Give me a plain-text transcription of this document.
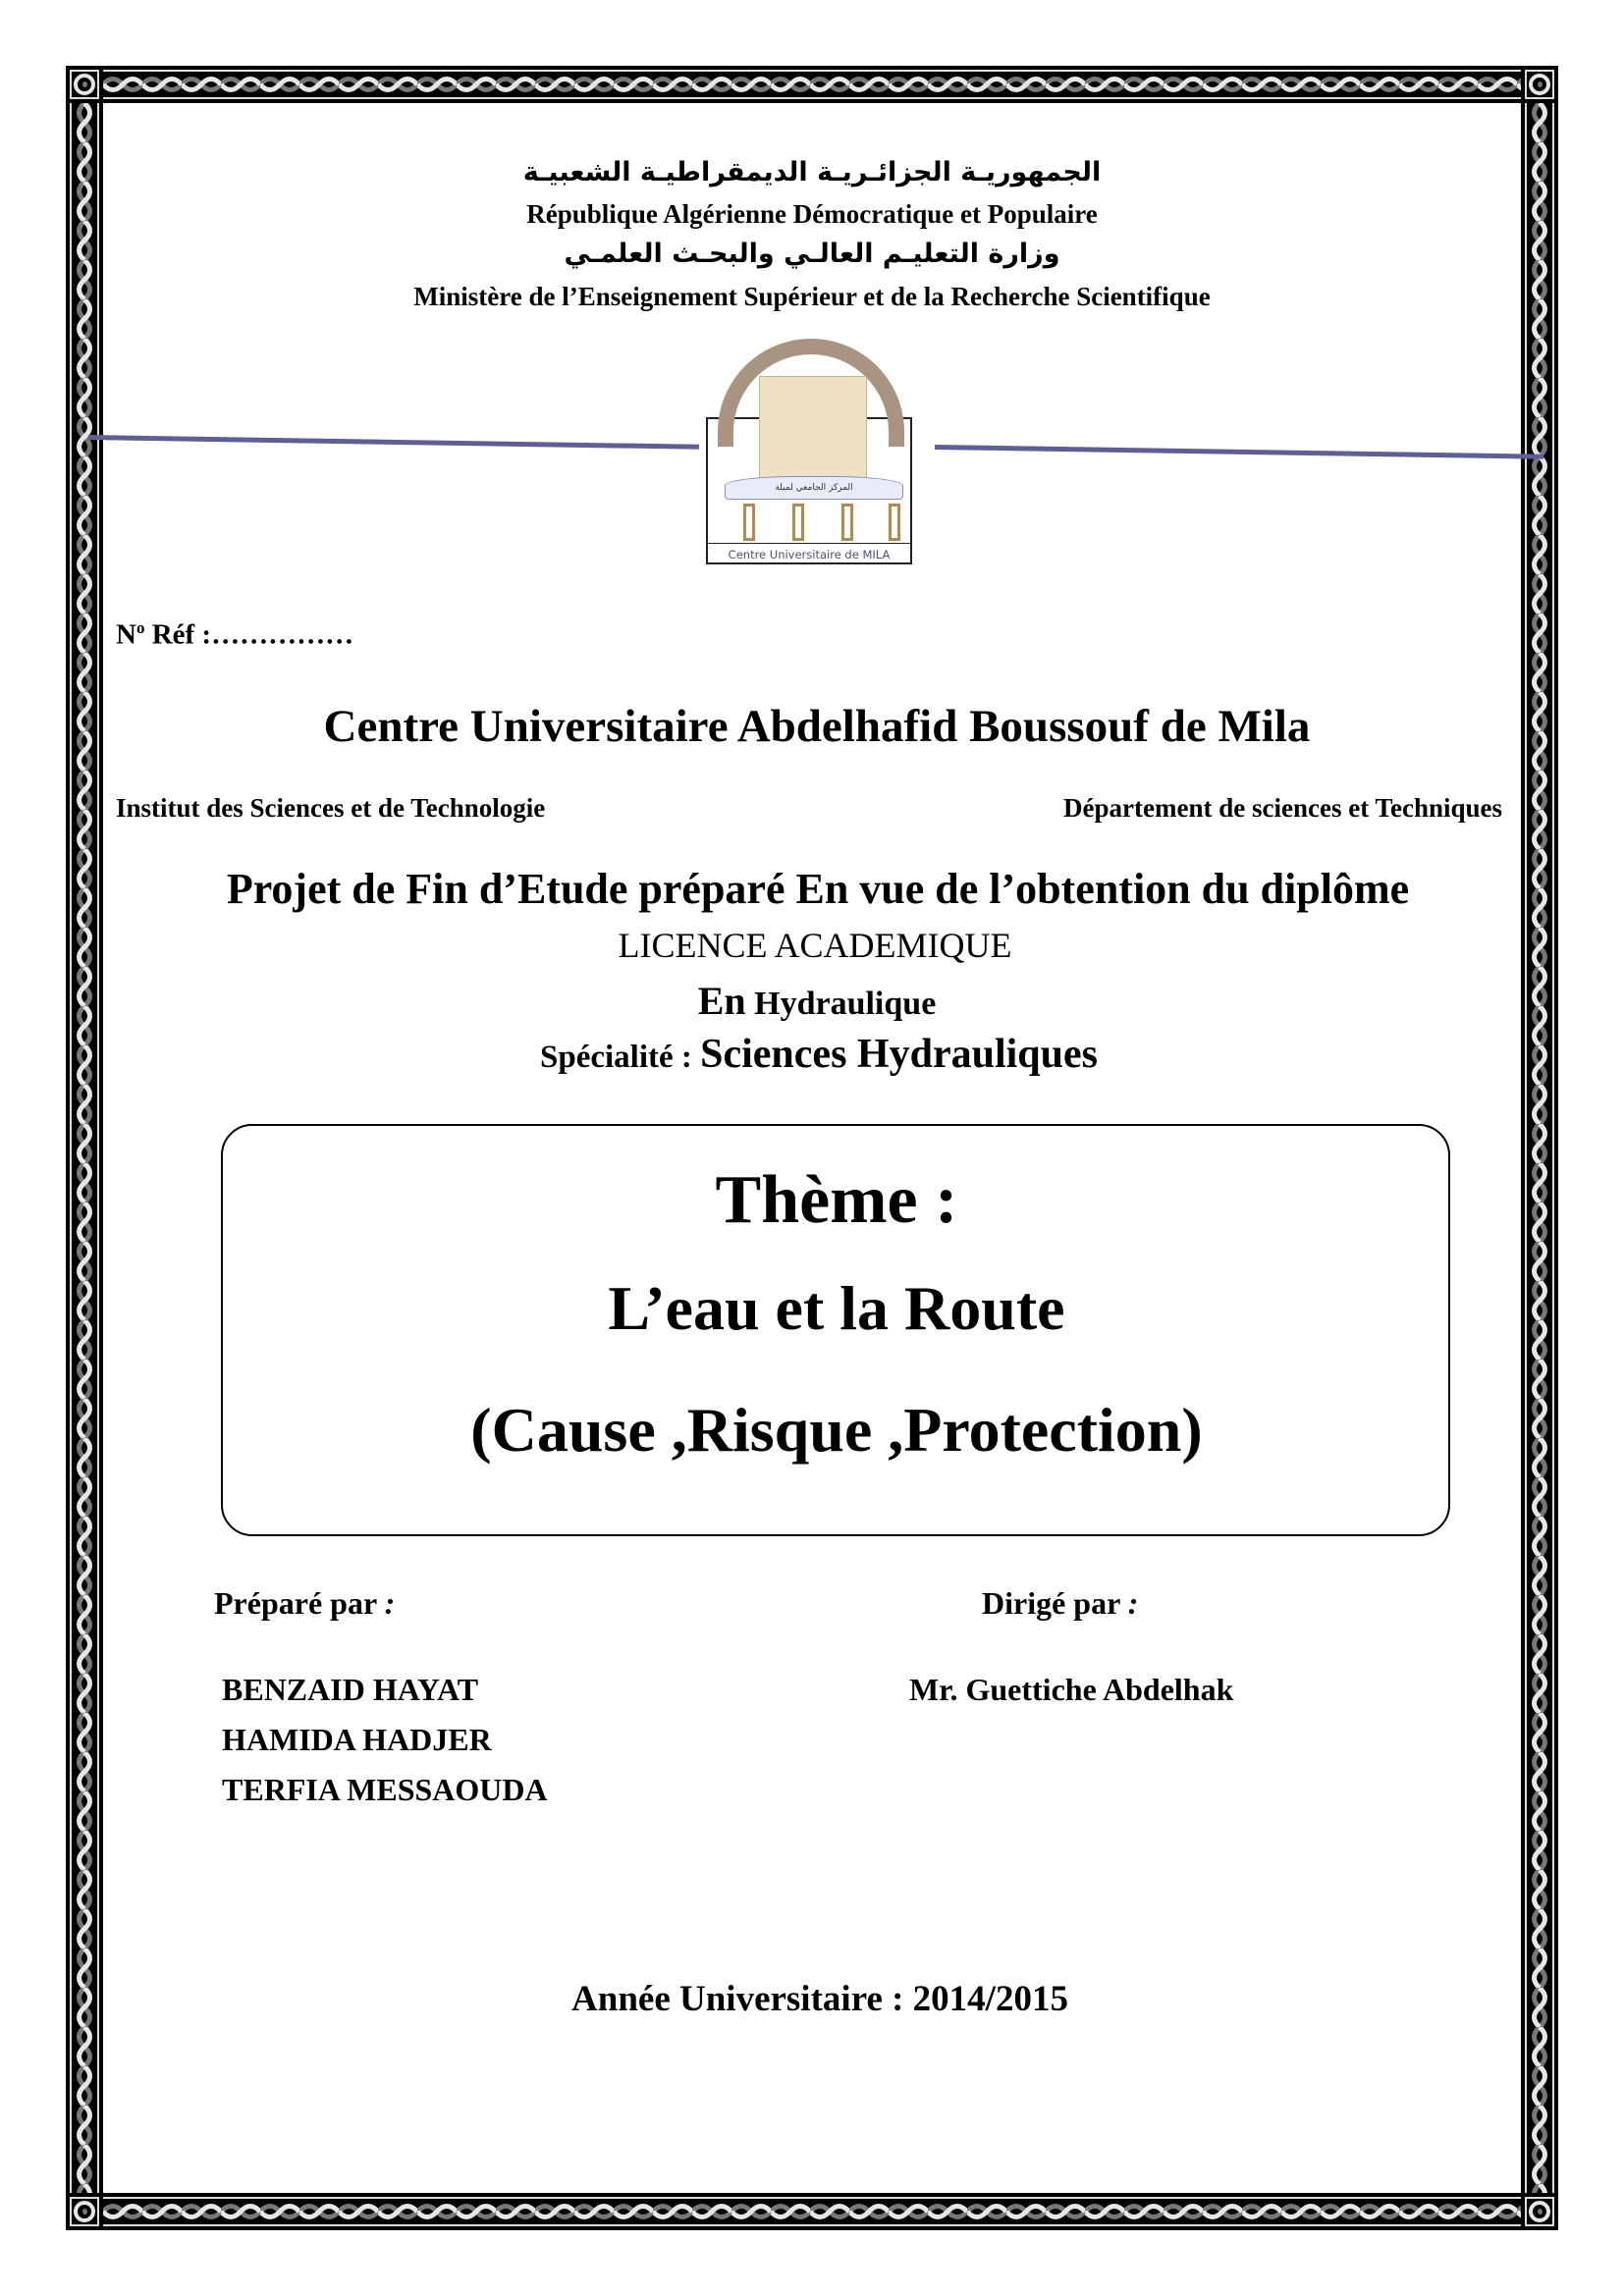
الجمهوريـة الجزائـريـة الديمقراطيـة الشعبيـة
République Algérienne Démocratique et Populaire
وزارة التعليـم العالـي والبحـث العلمـي
Ministère de l’Enseignement Supérieur et de la Recherche Scientifique
المركز الجامعي لميلة
Centre Universitaire de MILA
$N^o$ Réf :……………
Centre Universitaire Abdelhafid Boussouf de Mila
Institut des Sciences et de Technologie	Département de sciences et Techniques
Projet de Fin d’Etude préparé En vue de l’obtention du diplôme
LICENCE ACADEMIQUE
En Hydraulique
Spécialité : Sciences Hydrauliques
Thème :
L’eau et la Route
(Cause ,Risque ,Protection)
Préparé par :	Dirigé par :
BENZAID HAYAT
HAMIDA HADJER
TERFIA MESSAOUDA
Mr. Guettiche Abdelhak
Année Universitaire : 2014/2015
